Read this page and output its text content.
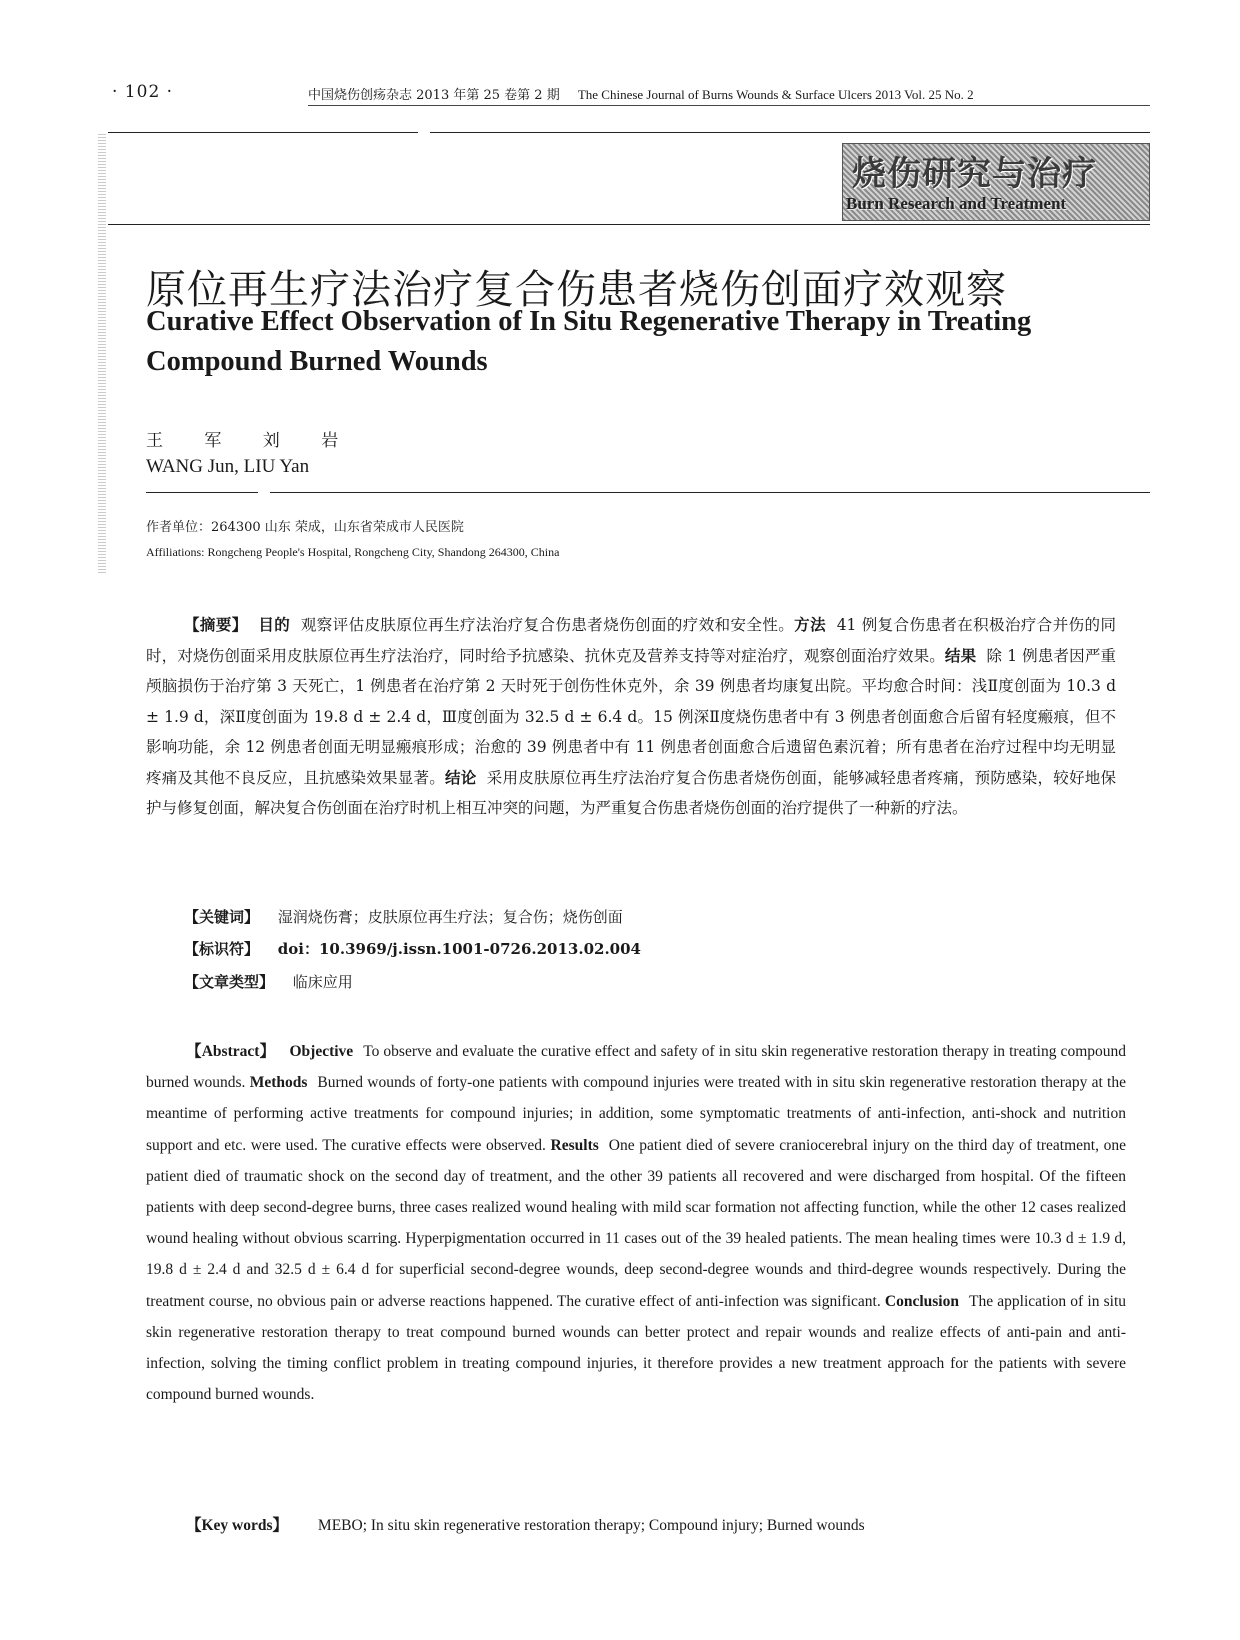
· 102 ·	中国烧伤创疡杂志 2013 年第 25 卷第 2 期 The Chinese Journal of Burns Wounds & Surface Ulcers 2013 Vol. 25 No. 2
烧伤研究与治疗
Burn Research and Treatment
原位再生疗法治疗复合伤患者烧伤创面疗效观察
Curative Effect Observation of In Situ Regenerative Therapy in Treating Compound Burned Wounds
王 军 刘 岩
WANG Jun, LIU Yan
作者单位：264300 山东 荣成，山东省荣成市人民医院
Affiliations: Rongcheng People's Hospital, Rongcheng City, Shandong 264300, China
【摘要】 目的 观察评估皮肤原位再生疗法治疗复合伤患者烧伤创面的疗效和安全性。方法 41 例复合伤患者在积极治疗合并伤的同时，对烧伤创面采用皮肤原位再生疗法治疗，同时给予抗感染、抗休克及营养支持等对症治疗，观察创面治疗效果。结果 除 1 例患者因严重颅脑损伤于治疗第 3 天死亡，1 例患者在治疗第 2 天时死于创伤性休克外，余 39 例患者均康复出院。平均愈合时间：浅Ⅱ度创面为 10.3 d ± 1.9 d，深Ⅱ度创面为 19.8 d ± 2.4 d，Ⅲ度创面为 32.5 d ± 6.4 d。15 例深Ⅱ度烧伤患者中有 3 例患者创面愈合后留有轻度瘢痕，但不影响功能，余 12 例患者创面无明显瘢痕形成；治愈的 39 例患者中有 11 例患者创面愈合后遗留色素沉着；所有患者在治疗过程中均无明显疼痛及其他不良反应，且抗感染效果显著。结论 采用皮肤原位再生疗法治疗复合伤患者烧伤创面，能够减轻患者疼痛，预防感染，较好地保护与修复创面，解决复合伤创面在治疗时机上相互冲突的问题，为严重复合伤患者烧伤创面的治疗提供了一种新的疗法。
【关键词】 湿润烧伤膏；皮肤原位再生疗法；复合伤；烧伤创面
【标识符】 doi：10.3969/j.issn.1001-0726.2013.02.004
【文章类型】 临床应用
【Abstract】 Objective To observe and evaluate the curative effect and safety of in situ skin regenerative restoration therapy in treating compound burned wounds. Methods Burned wounds of forty-one patients with compound injuries were treated with in situ skin regenerative restoration therapy at the meantime of performing active treatments for compound injuries; in addition, some symptomatic treatments of anti-infection, anti-shock and nutrition support and etc. were used. The curative effects were observed. Results One patient died of severe craniocerebral injury on the third day of treatment, one patient died of traumatic shock on the second day of treatment, and the other 39 patients all recovered and were discharged from hospital. Of the fifteen patients with deep second-degree burns, three cases realized wound healing with mild scar formation not affecting function, while the other 12 cases realized wound healing without obvious scarring. Hyperpigmentation occurred in 11 cases out of the 39 healed patients. The mean healing times were 10.3 d ± 1.9 d, 19.8 d ± 2.4 d and 32.5 d ± 6.4 d for superficial second-degree wounds, deep second-degree wounds and third-degree wounds respectively. During the treatment course, no obvious pain or adverse reactions happened. The curative effect of anti-infection was significant. Conclusion The application of in situ skin regenerative restoration therapy to treat compound burned wounds can better protect and repair wounds and realize effects of anti-pain and anti-infection, solving the timing conflict problem in treating compound injuries, it therefore provides a new treatment approach for the patients with severe compound burned wounds.
【Key words】 MEBO; In situ skin regenerative restoration therapy; Compound injury; Burned wounds
